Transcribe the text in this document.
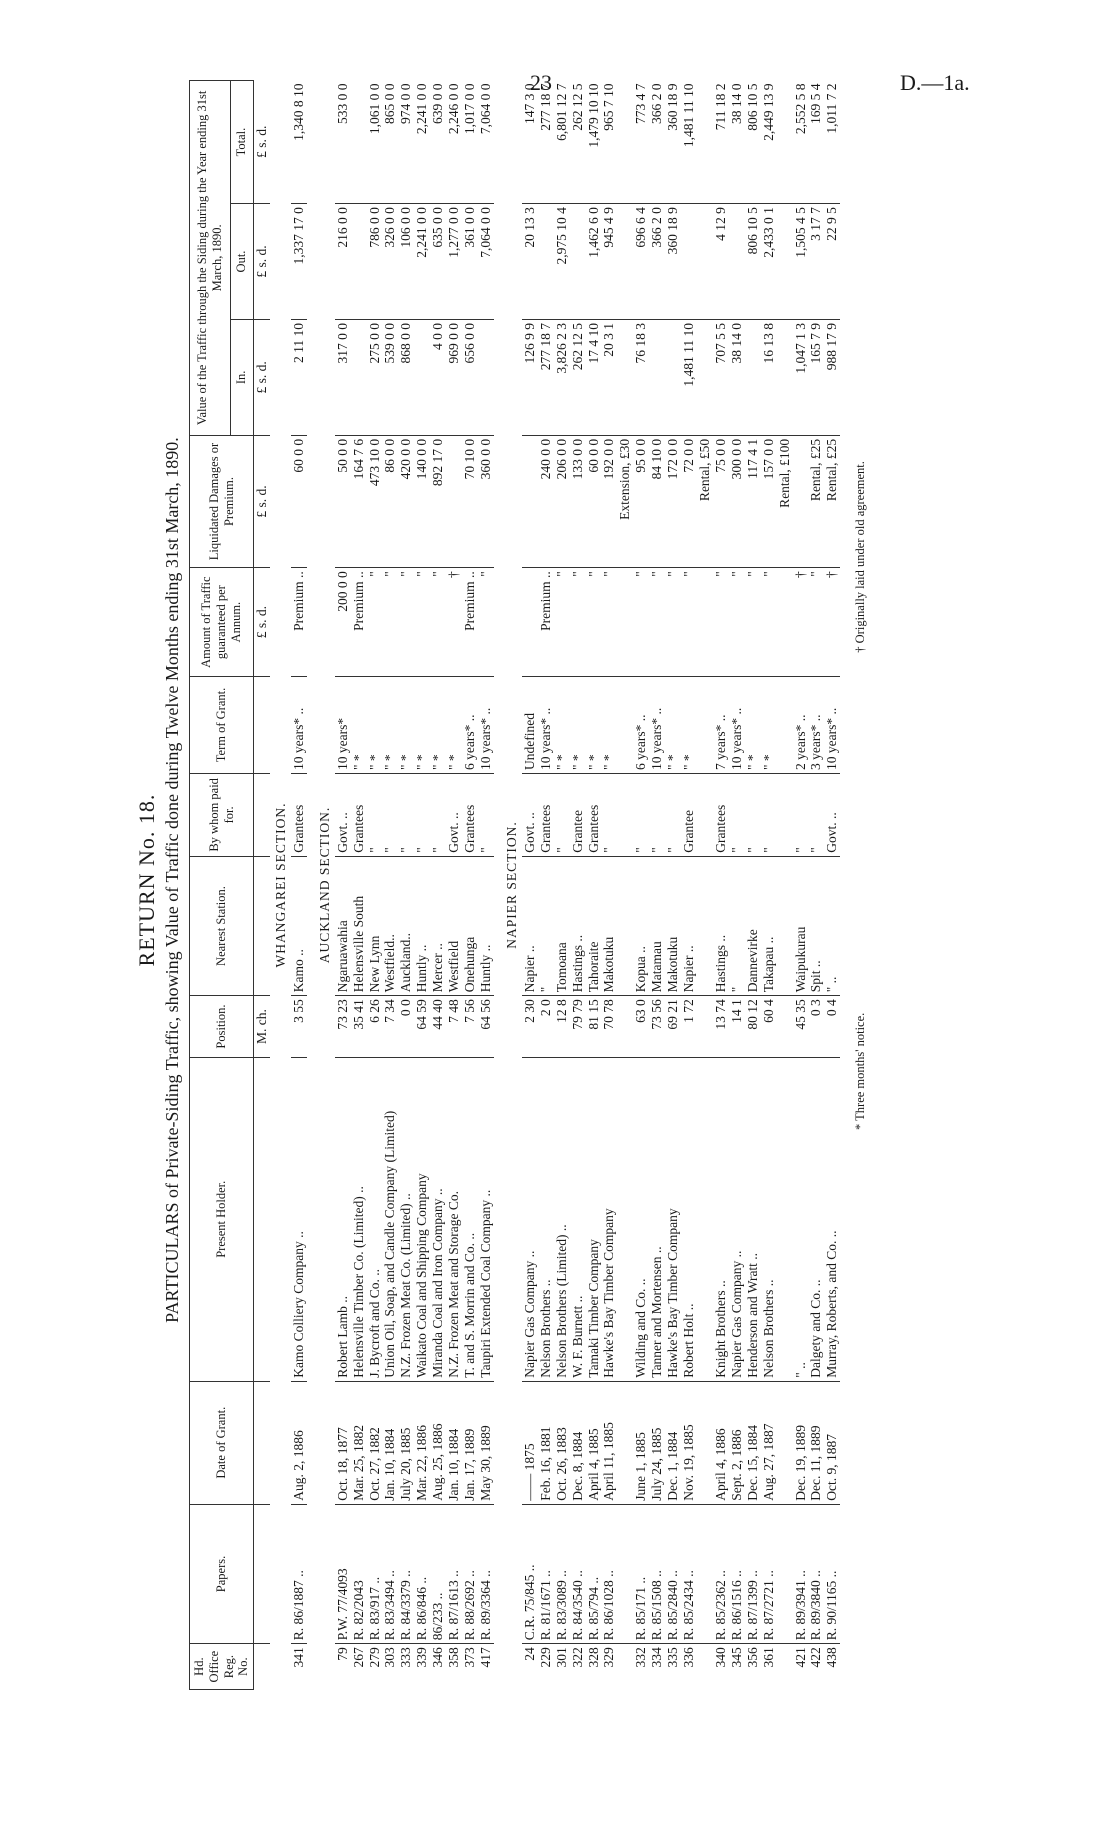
23	D.—1a.
RETURN No. 18. PARTICULARS of Private-Siding Traffic, showing Value of Traffic done during Twelve Months ending 31st March, 1890.
Hd. Office Reg. No.	Papers.	Date of Grant.	Present Holder.	Position.	Nearest Station.	By whom paid for.	Term of Grant.	Amount of Traffic guaranteed per Annum.	Liquidated Damages or Premium.	Value of the Traffic through the Siding during the Year ending 31st March, 1890.		
										In.	Out.	Total.
				M. ch.				£ s. d.	£ s. d.	£ s. d.	£ s. d.	£ s. d.
WHANGAREI SECTION.												
341	R. 86/1887 ..	Aug. 2, 1886	Kamo Colliery Company ..	3 55	Kamo ..	Grantees	10 years* ..	Premium ..	60 0 0	2 11 10	1,337 17 0	1,340 8 10

AUCKLAND SECTION.												
79	P.W. 77/4093	Oct. 18, 1877	Robert Lamb ..	73 23	Ngaruawahia	Govt. ..	10 years*	200 0 0	50 0 0	317 0 0	216 0 0	533 0 0
267	R. 82/2043	Mar. 25, 1882	Helensville Timber Co. (Limited) ..	35 41	Helensville South	Grantees	" *	Premium ..	164 7 6			
279	R. 83/917 ..	Oct. 27, 1882	J. Bycroft and Co. ..	6 26	New Lynn	"	" *	"	473 10 0	275 0 0	786 0 0	1,061 0 0
303	R. 83/3494 ..	Jan. 10, 1884	Union Oil, Soap, and Candle Company (Limited)	7 34	Westfield..	"	" *	"	86 0 0	539 0 0	326 0 0	865 0 0
333	R. 84/3379 ..	July 20, 1885	N.Z. Frozen Meat Co. (Limited) ..	0 0	Auckland..	"	" *	"	420 0 0	868 0 0	106 0 0	974 0 0
339	R. 86/846 ..	Mar. 22, 1886	Waikato Coal and Shipping Company	64 59	Huntly ..	"	" *	"	140 0 0		2,241 0 0	2,241 0 0
346	86/233 ..	Aug. 25, 1886	Miranda Coal and Iron Company ..	44 40	Mercer ..	"	" *	"	892 17 0	4 0 0	635 0 0	639 0 0
358	R. 87/1613 ..	Jan. 10, 1884	N.Z. Frozen Meat and Storage Co.	7 48	Westfield	Govt. ..	" *	†		969 0 0	1,277 0 0	2,246 0 0
373	R. 88/2692 ..	Jan. 17, 1889	T. and S. Morrin and Co. ..	7 56	Onehunga	Grantees	6 years* ..	Premium ..	70 10 0	656 0 0	361 0 0	1,017 0 0
417	R. 89/3364 ..	May 30, 1889	Taupiri Extended Coal Company ..	64 56	Huntly ..	"	10 years* ..	"	360 0 0		7,064 0 0	7,064 0 0

NAPIER SECTION.												
24	C.R. 75/845 ..	—— 1875	Napier Gas Company ..	2 30	Napier ..	Govt. ..	Undefined			126 9 9	20 13 3	147 3 0
229	R. 81/1671 ..	Feb. 16, 1881	Nelson Brothers ..	2 0	"	Grantees	10 years* ..	Premium ..	240 0 0	277 18 7		277 18 7
301	R. 83/3089 ..	Oct. 26, 1883	Nelson Brothers (Limited) ..	12 8	Tomoana	"	" *	"	206 0 0	3,826 2 3	2,975 10 4	6,801 12 7
322	R. 84/3540 ..	Dec. 8, 1884	W. F. Burnett ..	79 79	Hastings ..	Grantee	" *	"	133 0 0	262 12 5		262 12 5
328	R. 85/794 ..	April 4, 1885	Tamaki Timber Company	81 15	Tahoraite	Grantees	" *	"	60 0 0	17 4 10	1,462 6 0	1,479 10 10
329	R. 86/1028 ..	April 11, 1885	Hawke's Bay Timber Company	70 78	Makotuku	"	" *	"	192 0 0	20 3 1	945 4 9	965 7 10
									Extension, £30			
332	R. 85/171 ..	June 1, 1885	Wilding and Co. ..	63 0	Kopua ..	"	6 years* ..	"	95 0 0	76 18 3	696 6 4	773 4 7
334	R. 85/1508 ..	July 24, 1885	Tanner and Mortensen ..	73 56	Matamau	"	10 years* ..	"	84 10 0		366 2 0	366 2 0
335	R. 85/2840 ..	Dec. 1, 1884	Hawke's Bay Timber Company	69 21	Makotuku	"	" *	"	172 0 0		360 18 9	360 18 9
336	R. 85/2434 ..	Nov. 19, 1885	Robert Holt ..	1 72	Napier ..	Grantee	" *	"	72 0 0	1,481 11 10		1,481 11 10
									Rental, £50			
340	R. 85/2362 ..	April 4, 1886	Knight Brothers ..	13 74	Hastings ..	Grantees	7 years* ..	"	75 0 0	707 5 5	4 12 9	711 18 2
345	R. 86/1516 ..	Sept. 2, 1886	Napier Gas Company ..	14 1	"	"	10 years* ..	"	300 0 0	38 14 0		38 14 0
356	R. 87/1399 ..	Dec. 15, 1884	Henderson and Wratt ..	80 12	Dannevirke	"	" *	"	117 4 1		806 10 5	806 10 5
361	R. 87/2721 ..	Aug. 27, 1887	Nelson Brothers ..	60 4	Takapau ..	"	" *	"	157 0 0	16 13 8	2,433 0 1	2,449 13 9
									Rental, £100			
421	R. 89/3941 ..	Dec. 19, 1889	" ..	45 35	Waipukurau	"	2 years* ..	†		1,047 1 3	1,505 4 5	2,552 5 8
422	R. 89/3840 ..	Dec. 11, 1889	Dalgety and Co. ..	0 3	Spit ..	"	3 years* ..	"	Rental, £25	165 7 9	3 17 7	169 5 4
438	R. 90/1165 ..	Oct. 9, 1887	Murray, Roberts, and Co. ..	0 4	" ..	Govt. ..	10 years* ..	†	Rental, £25	988 17 9	22 9 5	1,011 7 2

* Three months' notice.
† Originally laid under old agreement.
